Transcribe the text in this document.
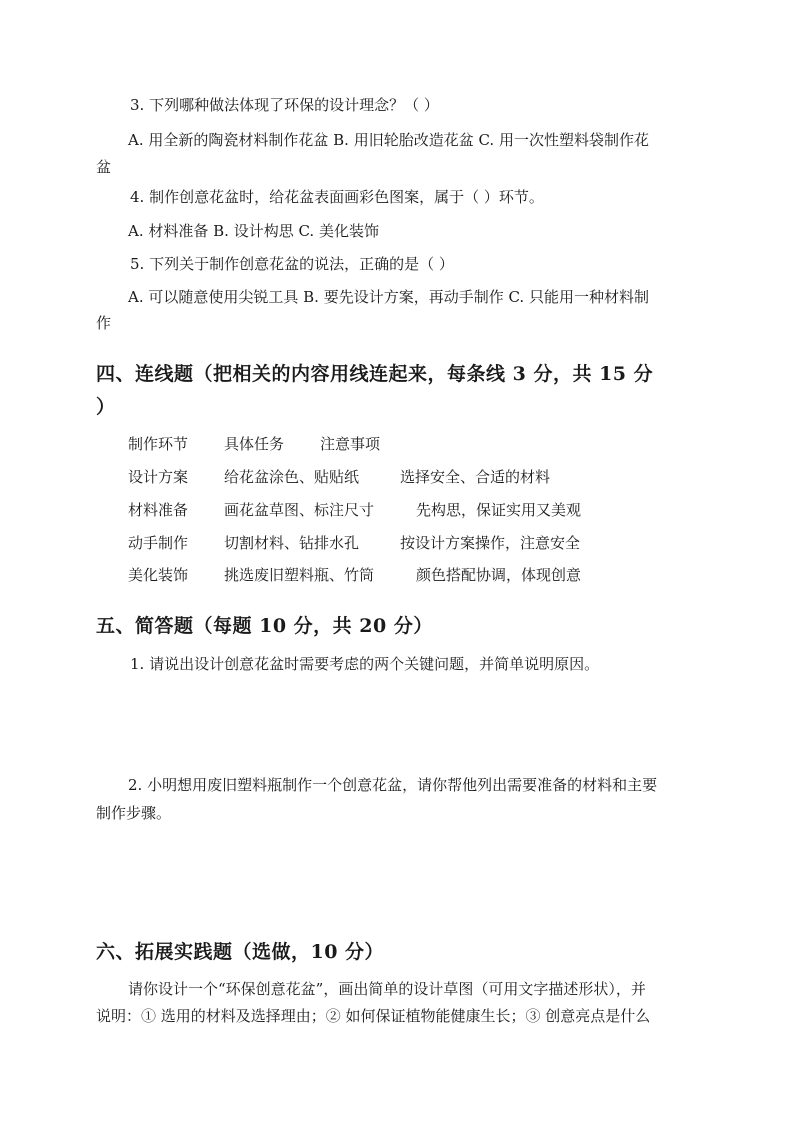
3. 下列哪种做法体现了环保的设计理念？（ ）
A. 用全新的陶瓷材料制作花盆 B. 用旧轮胎改造花盆 C. 用一次性塑料袋制作花
盆
4. 制作创意花盆时，给花盆表面画彩色图案，属于（ ）环节。
A. 材料准备 B. 设计构思 C. 美化装饰
5. 下列关于制作创意花盆的说法，正确的是（ ）
A. 可以随意使用尖锐工具 B. 要先设计方案，再动手制作 C. 只能用一种材料制
作
四、连线题（把相关的内容用线连起来，每条线 3 分，共 15 分
）
制作环节 具体任务 注意事项
设计方案 给花盆涂色、贴贴纸	选择安全、合适的材料
材料准备 画花盆草图、标注尺寸	先构思，保证实用又美观
动手制作 切割材料、钻排水孔	按设计方案操作，注意安全
美化装饰 挑选废旧塑料瓶、竹筒	颜色搭配协调，体现创意
五、简答题（每题 10 分，共 20 分）
1. 请说出设计创意花盆时需要考虑的两个关键问题，并简单说明原因。
2. 小明想用废旧塑料瓶制作一个创意花盆，请你帮他列出需要准备的材料和主要
制作步骤。
六、拓展实践题（选做，10 分）
请你设计一个“环保创意花盆”，画出简单的设计草图（可用文字描述形状），并
说明：① 选用的材料及选择理由；② 如何保证植物能健康生长；③ 创意亮点是什么
